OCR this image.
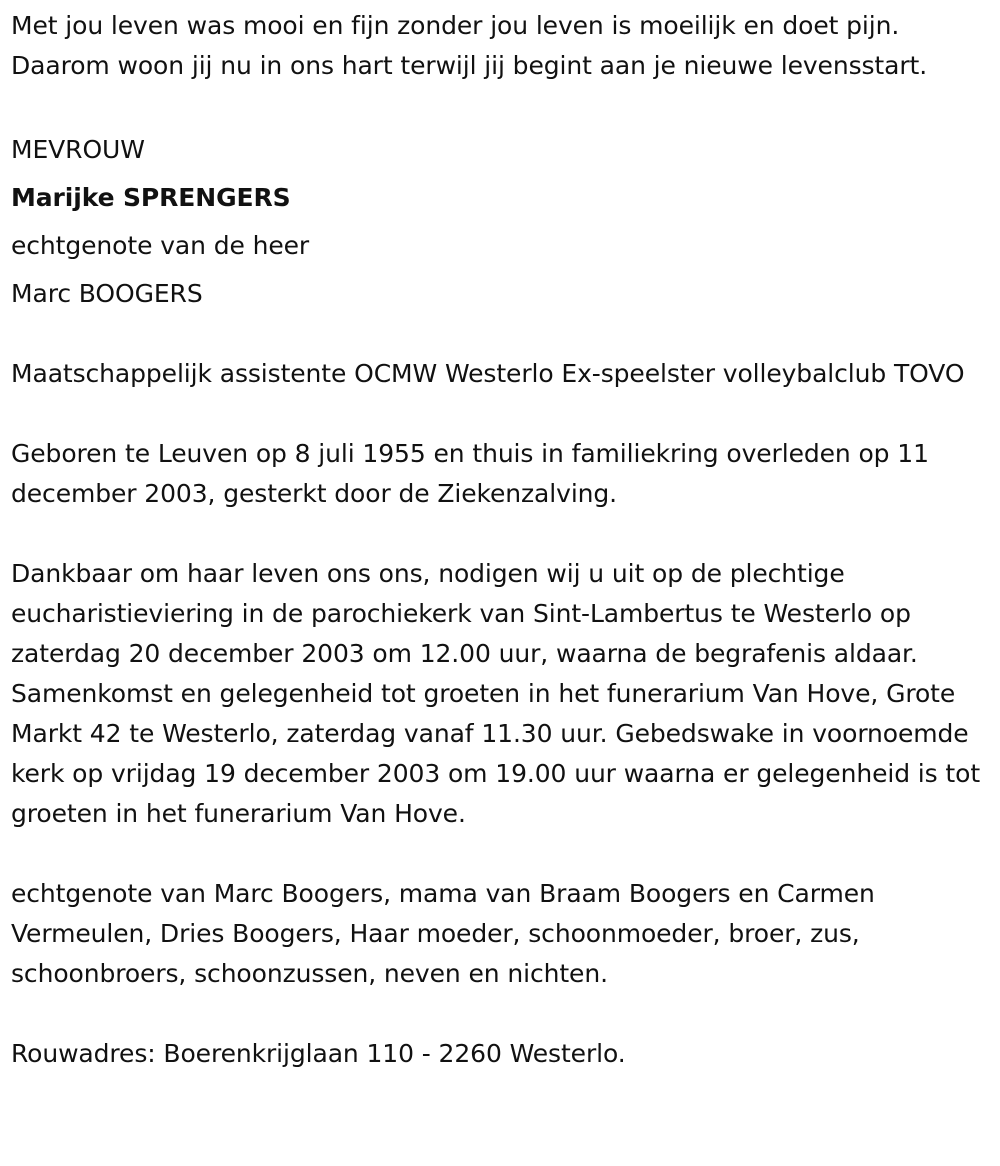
Met jou leven was mooi en fijn zonder jou leven is moeilijk en doet pijn. Daarom woon jij nu in ons hart terwijl jij begint aan je nieuwe levensstart.

MEVROUW

Marijke SPRENGERS

echtgenote van de heer

Marc BOOGERS

Maatschappelijk assistente OCMW Westerlo Ex-speelster volleybalclub TOVO

Geboren te Leuven op 8 juli 1955 en thuis in familiekring overleden op 11 december 2003, gesterkt door de Ziekenzalving.

Dankbaar om haar leven ons ons, nodigen wij u uit op de plechtige eucharistieviering in de parochiekerk van Sint-Lambertus te Westerlo op zaterdag 20 december 2003 om 12.00 uur, waarna de begrafenis aldaar. Samenkomst en gelegenheid tot groeten in het funerarium Van Hove, Grote Markt 42 te Westerlo, zaterdag vanaf 11.30 uur. Gebedswake in voornoemde kerk op vrijdag 19 december 2003 om 19.00 uur waarna er gelegenheid is tot groeten in het funerarium Van Hove.

echtgenote van Marc Boogers, mama van Braam Boogers en Carmen Vermeulen, Dries Boogers, Haar moeder, schoonmoeder, broer, zus, schoonbroers, schoonzussen, neven en nichten.

Rouwadres: Boerenkrijglaan 110 - 2260 Westerlo.
